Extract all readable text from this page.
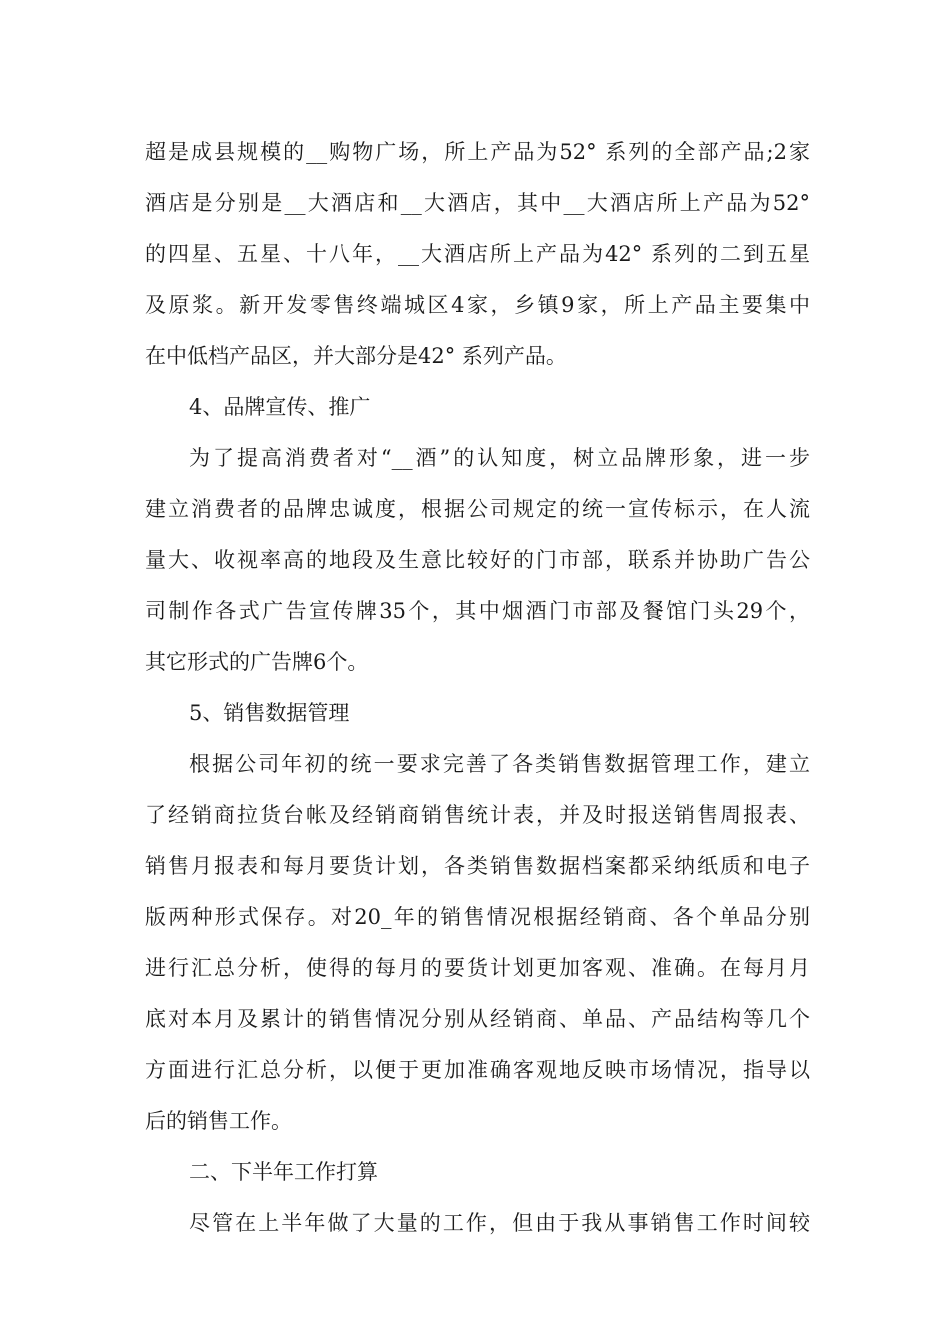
超是成县规模的__购物广场，所上产品为52° 系列的全部产品;2家
酒店是分别是__大酒店和__大酒店，其中__大酒店所上产品为52°
的四星、五星、十八年，__大酒店所上产品为42° 系列的二到五星
及原浆。新开发零售终端城区4家，乡镇9家，所上产品主要集中
在中低档产品区，并大部分是42° 系列产品。
4、品牌宣传、推广
为了提高消费者对“__酒”的认知度，树立品牌形象，进一步
建立消费者的品牌忠诚度，根据公司规定的统一宣传标示，在人流
量大、收视率高的地段及生意比较好的门市部，联系并协助广告公
司制作各式广告宣传牌35个，其中烟酒门市部及餐馆门头29个，
其它形式的广告牌6个。
5、销售数据管理
根据公司年初的统一要求完善了各类销售数据管理工作，建立
了经销商拉货台帐及经销商销售统计表，并及时报送销售周报表、
销售月报表和每月要货计划，各类销售数据档案都采纳纸质和电子
版两种形式保存。对20_年的销售情况根据经销商、各个单品分别
进行汇总分析，使得的每月的要货计划更加客观、准确。在每月月
底对本月及累计的销售情况分别从经销商、单品、产品结构等几个
方面进行汇总分析，以便于更加准确客观地反映市场情况，指导以
后的销售工作。
二、下半年工作打算
尽管在上半年做了大量的工作，但由于我从事销售工作时间较
